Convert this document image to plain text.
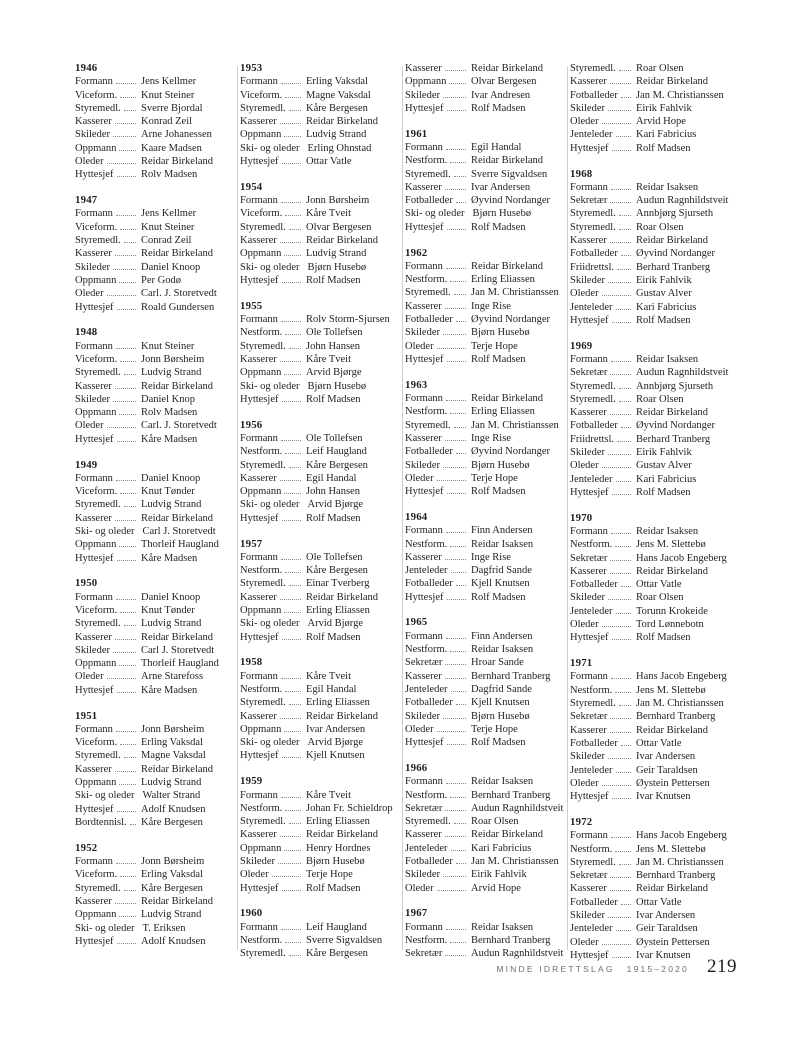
1946
Formann	Jens Kellmer
Viceform. Knut Steiner
Styremedl. Sverre Bjordal
Kasserer	Konrad Zeil
Skileder	Arne Johanessen
Oppmann Kaare Madsen
Oleder	Reidar Birkeland
Hyttesjef	Rolv Madsen
1947
Formann	Jens Kellmer
Viceform. Knut Steiner
Styremedl. Conrad Zeil
Kasserer	Reidar Birkeland
Skileder	Daniel Knoop
Oppmann Per Godø
Oleder	Carl. J. Storetvedt
Hyttesjef	Roald Gundersen
1948
Formann	Knut Steiner
Viceform. Jonn Børsheim
Styremedl. Ludvig Strand
Kasserer	Reidar Birkeland
Skileder	Daniel Knop
Oppmann Rolv Madsen
Oleder	Carl. J. Storetvedt
Hyttesjef	Kåre Madsen
1949
Formann	Daniel Knoop
Viceform. Knut Tønder
Styremedl. Ludvig Strand
Kasserer	Reidar Birkeland
Ski- og oleder Carl J. Storetvedt
Oppmann Thorleif Haugland
Hyttesjef	Kåre Madsen
1950
Formann	Daniel Knoop
Viceform. Knut Tønder
Styremedl. Ludvig Strand
Kasserer	Reidar Birkeland
Skileder	Carl J. Storetvedt
Oppmann Thorleif Haugland
Oleder	Arne Starefoss
Hyttesjef	Kåre Madsen
1951
Formann	Jonn Børsheim
Viceform. Erling Vaksdal
Styremedl. Magne Vaksdal
Kasserer	Reidar Birkeland
Oppmann Ludvig Strand
Ski- og oleder Walter Strand
Hyttesjef	Adolf Knudsen
Bordtennisl. Kåre Bergesen
1952
Formann	Jonn Børsheim
Viceform. Erling Vaksdal
Styremedl. Kåre Bergesen
Kasserer	Reidar Birkeland
Oppmann Ludvig Strand
Ski- og oleder T. Eriksen
Hyttesjef	Adolf Knudsen
1953
Formann	Erling Vaksdal
Viceform. Magne Vaksdal
Styremedl. Kåre Bergesen
Kasserer	Reidar Birkeland
Oppmann Ludvig Strand
Ski- og oleder Erling Ohnstad
Hyttesjef	Ottar Vatle
1954
Formann	Jonn Børsheim
Viceform. Kåre Tveit
Styremedl. Olvar Bergesen
Kasserer	Reidar Birkeland
Oppmann Ludvig Strand
Ski- og oleder Bjørn Husebø
Hyttesjef	Rolf Madsen
1955
Formann	Rolv Storm-Sjursen
Nestform. Ole Tollefsen
Styremedl. John Hansen
Kasserer	Kåre Tveit
Oppmann Arvid Bjørge
Ski- og oleder Bjørn Husebø
Hyttesjef	Rolf Madsen
1956
Formann	Ole Tollefsen
Nestform. Leif Haugland
Styremedl. Kåre Bergesen
Kasserer	Egil Handal
Oppmann John Hansen
Ski- og oleder Arvid Bjørge
Hyttesjef	Rolf Madsen
1957
Formann	Ole Tollefsen
Nestform. Kåre Bergesen
Styremedl. Einar Tverberg
Kasserer	Reidar Birkeland
Oppmann Erling Eliassen
Ski- og oleder Arvid Bjørge
Hyttesjef	Rolf Madsen
1958
Formann	Kåre Tveit
Nestform. Egil Handal
Styremedl. Erling Eliassen
Kasserer	Reidar Birkeland
Oppmann Ivar Andersen
Ski- og oleder Arvid Bjørge
Hyttesjef	Kjell Knutsen
1959
Formann	Kåre Tveit
Nestform. Johan Fr. Schieldrop
Styremedl. Erling Eliassen
Kasserer	Reidar Birkeland
Oppmann Henry Hordnes
Skileder	Bjørn Husebø
Oleder	Terje Hope
Hyttesjef	Rolf Madsen
1960
Formann	Leif Haugland
Nestform. Sverre Sigvaldsen
Styremedl. Kåre Bergesen
Kasserer	Reidar Birkeland
Oppmann Olvar Bergesen
Skileder	Ivar Andresen
Hyttesjef	Rolf Madsen
1961
Formann	Egil Handal
Nestform. Reidar Birkeland
Styremedl. Sverre Sigvaldsen
Kasserer	Ivar Andersen
Fotballeder Øyvind Nordanger
Ski- og oleder Bjørn Husebø
Hyttesjef	Rolf Madsen
1962
Formann	Reidar Birkeland
Nestform. Erling Eliassen
Styremedl. Jan M. Christianssen
Kasserer	Inge Rise
Fotballeder Øyvind Nordanger
Skileder	Bjørn Husebø
Oleder	Terje Hope
Hyttesjef	Rolf Madsen
1963
Formann	Reidar Birkeland
Nestform. Erling Eliassen
Styremedl. Jan M. Christianssen
Kasserer	Inge Rise
Fotballeder Øyvind Nordanger
Skileder	Bjørn Husebø
Oleder	Terje Hope
Hyttesjef	Rolf Madsen
1964
Formann	Finn Andersen
Nestform. Reidar Isaksen
Kasserer	Inge Rise
Jenteleder Dagfrid Sande
Fotballeder Kjell Knutsen
Hyttesjef	Rolf Madsen
1965
Formann	Finn Andersen
Nestform. Reidar Isaksen
Sekretær	Hroar Sande
Kasserer	Bernhard Tranberg
Jenteleder Dagfrid Sande
Fotballeder Kjell Knutsen
Skileder	Bjørn Husebø
Oleder	Terje Hope
Hyttesjef	Rolf Madsen
1966
Formann	Reidar Isaksen
Nestform. Bernhard Tranberg
Sekretær	Audun Ragnhildstveit
Styremedl. Roar Olsen
Kasserer	Reidar Birkeland
Jenteleder Kari Fabricius
Fotballeder Jan M. Christianssen
Skileder	Eirik Fahlvik
Oleder	Arvid Hope
1967
Formann	Reidar Isaksen
Nestform. Bernhard Tranberg
Sekretær	Audun Ragnhildstveit
Styremedl. Roar Olsen
Kasserer	Reidar Birkeland
Fotballeder Jan M. Christianssen
Skileder	Eirik Fahlvik
Oleder	Arvid Hope
Jenteleder Kari Fabricius
Hyttesjef	Rolf Madsen
1968
Formann	Reidar Isaksen
Sekretær	Audun Ragnhildstveit
Styremedl. Annbjørg Sjurseth
Styremedl. Roar Olsen
Kasserer	Reidar Birkeland
Fotballeder Øyvind Nordanger
Friidrettsl. Berhard Tranberg
Skileder	Eirik Fahlvik
Oleder	Gustav Alver
Jenteleder Kari Fabricius
Hyttesjef	Rolf Madsen
1969
Formann	Reidar Isaksen
Sekretær	Audun Ragnhildstveit
Styremedl. Annbjørg Sjurseth
Styremedl. Roar Olsen
Kasserer	Reidar Birkeland
Fotballeder Øyvind Nordanger
Friidrettsl. Berhard Tranberg
Skileder	Eirik Fahlvik
Oleder	Gustav Alver
Jenteleder Kari Fabricius
Hyttesjef	Rolf Madsen
1970
Formann	Reidar Isaksen
Nestform. Jens M. Slettebø
Sekretær	Hans Jacob Engeberg
Kasserer	Reidar Birkeland
Fotballeder Ottar Vatle
Skileder	Roar Olsen
Jenteleder Torunn Krokeide
Oleder	Tord Lønnebotn
Hyttesjef	Rolf Madsen
1971
Formann	Hans Jacob Engeberg
Nestform. Jens M. Slettebø
Styremedl. Jan M. Christianssen
Sekretær	Bernhard Tranberg
Kasserer	Reidar Birkeland
Fotballeder Ottar Vatle
Skileder	Ivar Andersen
Jenteleder Geir Taraldsen
Oleder	Øystein Pettersen
Hyttesjef	Ivar Knutsen
1972
Formann	Hans Jacob Engeberg
Nestform. Jens M. Slettebø
Styremedl. Jan M. Christianssen
Sekretær	Bernhard Tranberg
Kasserer	Reidar Birkeland
Fotballeder Ottar Vatle
Skileder	Ivar Andersen
Jenteleder Geir Taraldsen
Oleder	Øystein Pettersen
Hyttesjef	Ivar Knutsen
MINDE IDRETTSLAG 1915–2020 219
